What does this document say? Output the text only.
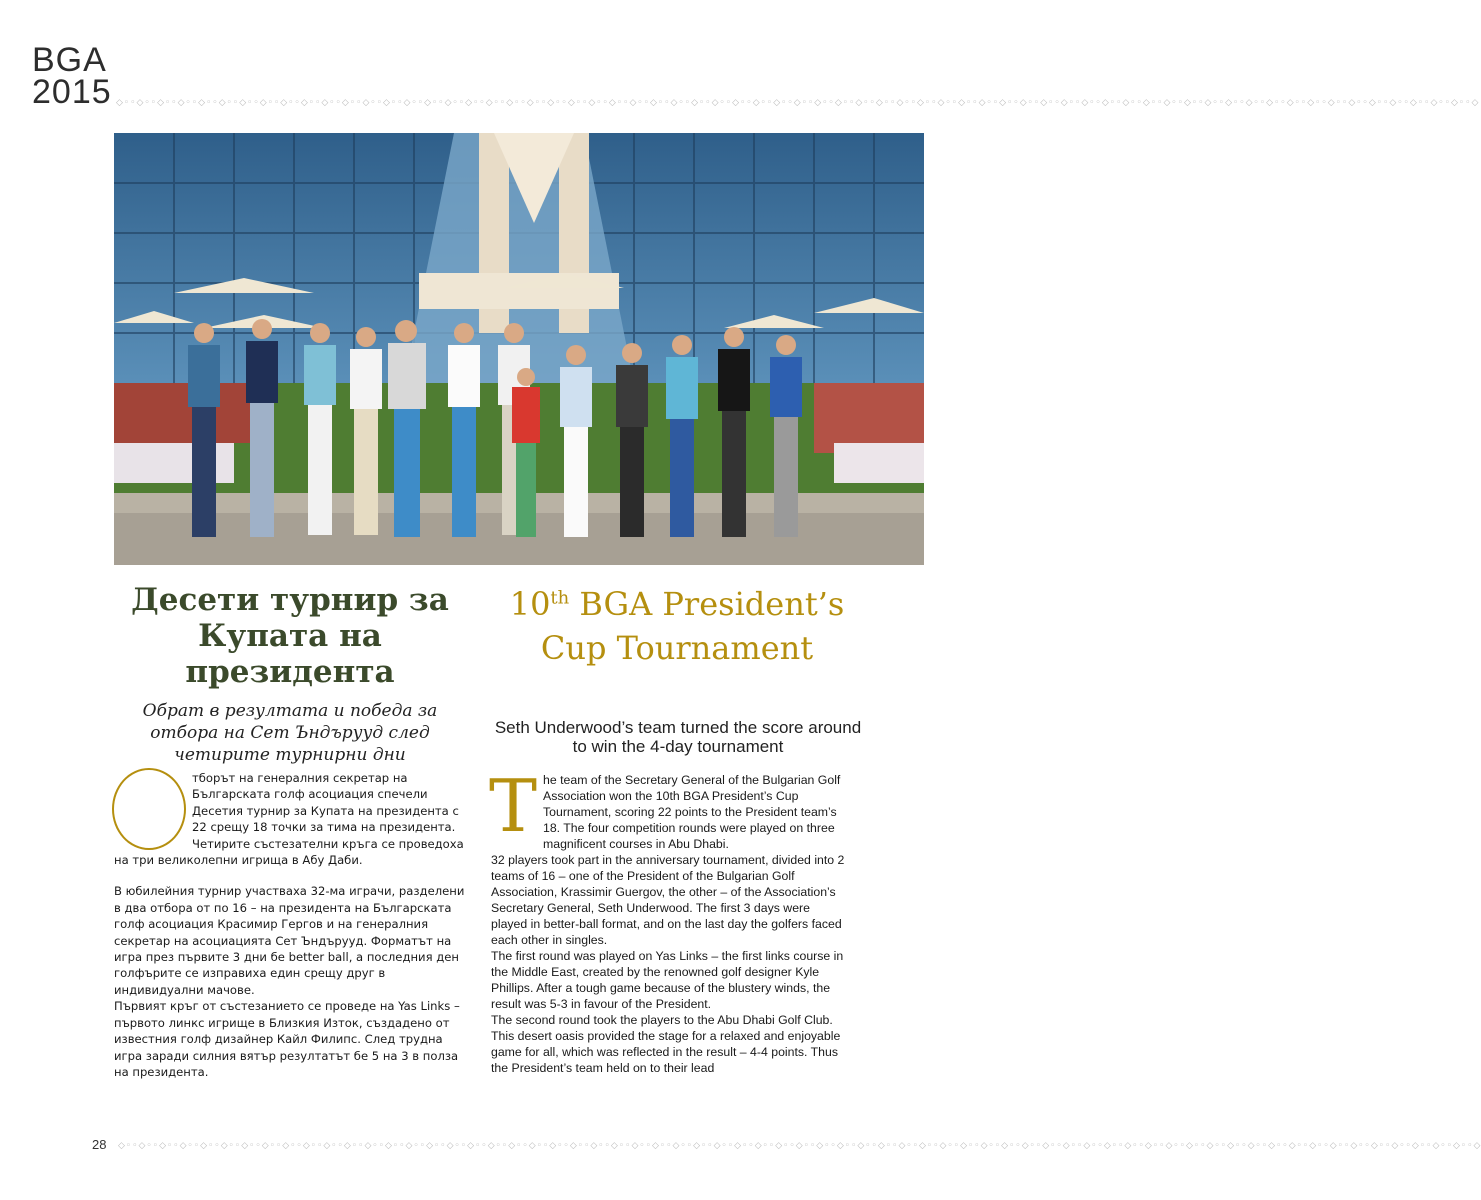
BGA
2015 ◇◦◦◇◦◦◇◦◦◇◦◦◇◦◦◇◦◦◇◦◦◇◦◦◇◦◦◇◦◦◇◦◦◇◦◦◇◦◦◇◦◦◇◦◦◇◦◦◇◦◦◇◦◦◇◦◦◇◦◦◇◦◦◇◦◦◇◦◦◇◦◦◇◦◦◇◦◦◇◦◦◇◦◦◇◦◦◇◦◦◇◦◦◇◦◦◇◦◦◇◦◦◇◦◦◇◦◦◇◦◦◇◦◦◇◦◦◇◦◦◇◦◦◇◦◦◇◦◦◇◦◦◇◦◦◇◦◦◇◦◦◇◦◦◇◦◦◇◦◦◇◦◦◇◦◦◇◦◦◇◦◦◇◦◦◇◦◦◇◦◦◇◦◦◇◦◦◇◦◦◇◦◦◇◦◦◇◦◦◇◦◦◇◦◦◇◦◦◇
◇◦◦◇◦◦◇◦◦◇◦◦◇◦◦◇◦◦◇◦◦◇◦◦◇◦◦◇◦◦◇◦◦◇◦◦◇◦◦◇◦◦◇◦◦◇◦◦◇◦◦◇◦◦◇◦◦◇◦◦◇◦◦◇◦◦◇◦◦◇◦◦◇◦◦◇◦◦◇◦◦◇◦◦◇◦◦◇◦◦◇◦◦◇◦◦◇◦◦◇◦◦◇◦◦◇◦◦◇◦◦◇◦◦◇◦◦◇◦◦◇◦◦◇◦◦◇◦◦◇◦◦◇◦◦◇◦◦◇◦◦◇◦◦◇◦◦◇◦◦◇◦◦◇◦◦◇◦◦◇◦◦◇◦◦◇◦◦◇◦◦◇◦◦◇◦◦◇◦◦◇◦◦◇◦◦◇◦◦◇◦◦◇◦◦◇◦◦◇
Десети турнир за Купата на президента
Обрат в резултата и победа за отбора на Сет Ъндърууд след четирите турнирни дни
10th BGA President’s Cup Tournament
Seth Underwood’s team turned the score around to win the 4-day tournament

тборът на генералния секретар на Българската голф асоциация спечели Десетия турнир за Купата на президента с 22 срещу 18 точки за тима на президента. Четирите състезателни кръга се проведоха на три великолепни игрища в Абу Даби.

В юбилейния турнир участваха 32-ма играчи, разделени в два отбора от по 16 – на президента на Българската голф асоциация Красимир Гергов и на генералния секретар на асоциацията Сет Ъндърууд. Форматът на игра през първите 3 дни бе better ball, а последния ден голфърите се изправиха един срещу друг в индивидуални мачове.

Първият кръг от състезанието се проведе на Yas Links – първото линкс игрище в Близкия Изток, създадено от известния голф дизайнер Кайл Филипс. След трудна игра заради силния вятър резултатът бе 5 на 3 в полза на президента.

The team of the Secretary General of the Bulgarian Golf Association won the 10th BGA President’s Cup Tournament, scoring 22 points to the President team’s 18. The four competition rounds were played on three magnificent courses in Abu Dhabi.

32 players took part in the anniversary tournament, divided into 2 teams of 16 – one of the President of the Bulgarian Golf Association, Krassimir Guergov, the other – of the Association’s Secretary General, Seth Underwood. The first 3 days were played in better-ball format, and on the last day the golfers faced each other in singles.

The first round was played on Yas Links – the first links course in the Middle East, created by the renowned golf designer Kyle Phillips. After a tough game because of the blustery winds, the result was 5-3 in favour of the President.

The second round took the players to the Abu Dhabi Golf Club. This desert oasis provided the stage for a relaxed and enjoyable game for all, which was reflected in the result – 4-4 points. Thus the President’s team held on to their lead

28
